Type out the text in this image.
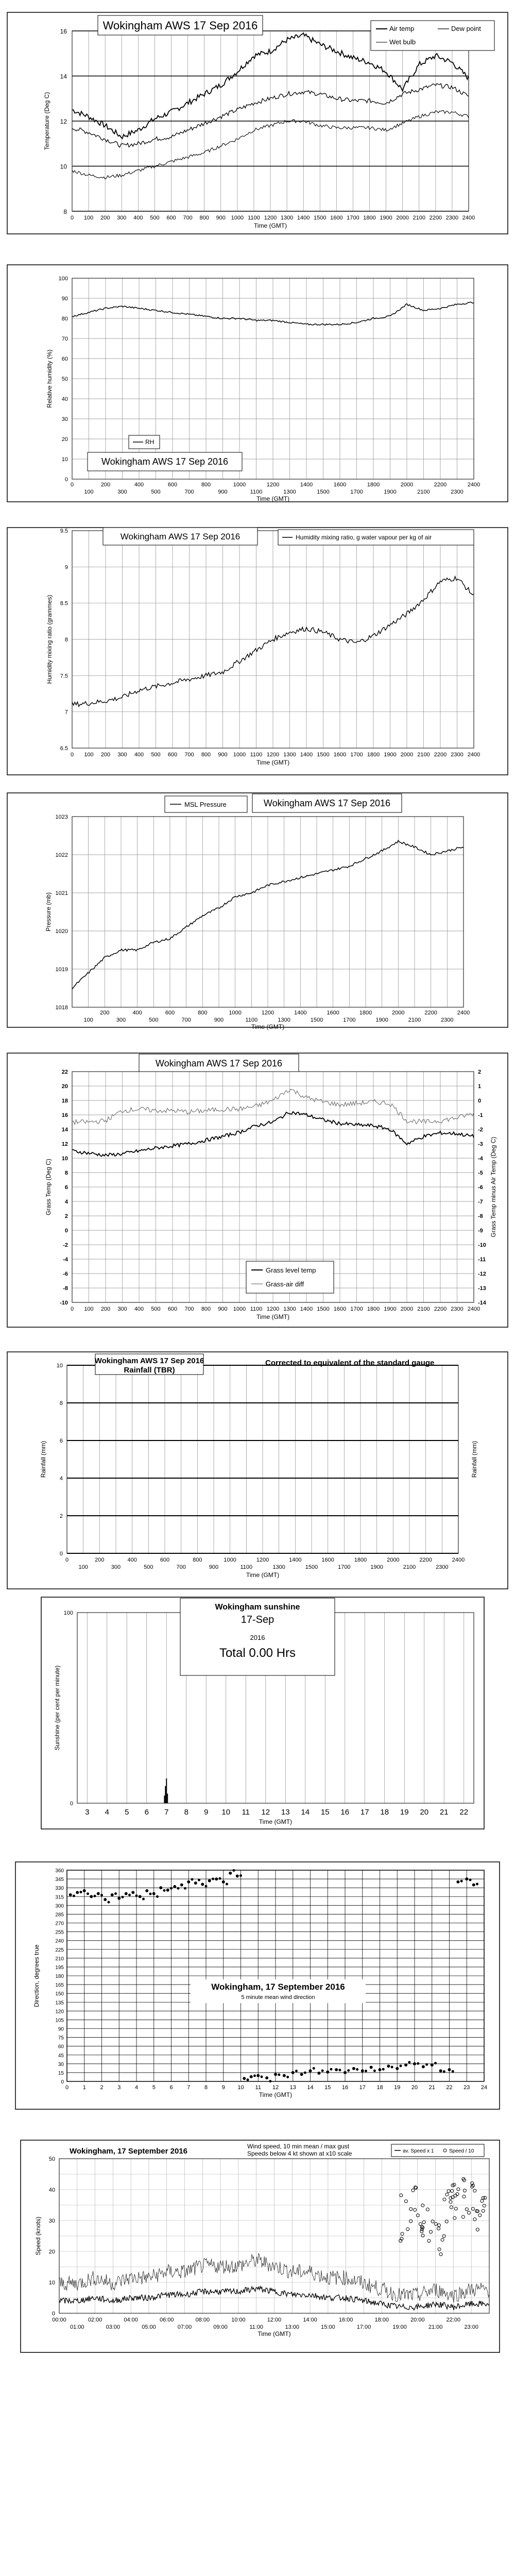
8
10
12
14
16
0 100 200 300 400 500 600 700 800 900 1000 1100 1200 1300 1400 1500 1600 1700 1800 1900 2000 2100 2200 2300 2400
Time (GMT)
Temperature (Deg C)
Wokingham AWS 17 Sep 2016	Air temp	Dew point
Wet bulb
0
10
20
30
40
50
60
70
80
90
100
0
100
200
300
400
500
600
700
800
900
1000
1100
1200
1300
1400
1500
1600
1700
1800
1900
2000
2100
2200
2300
2400
Time (GMT)
Relative humidity (%)
RH
Wokingham AWS 17 Sep 2016
6.5
7
7.5
8
8.5
9
9.5
0 100 200 300 400 500 600 700 800 900 1000 1100 1200 1300 1400 1500 1600 1700 1800 1900 2000 2100 2200 2300 2400
Time (GMT)
Humidity mixing ratio (grammes)
Wokingham AWS 17 Sep 2016	Humidity mixing ratio, g water vapour per kg of air
1018
1019
1020
1021
1022
1023
100
200
300
400
500
600
700
800
900
1000
1100
1200
1300
1400
1500
1600
1700
1800
1900
2000
2100
2200
2300
2400
Time (GMT)
Pressure (mb)
MSL Pressure	Wokingham AWS 17 Sep 2016
-10
-8
-6
-4
-2
0
2
4
6
8
10
12
14
16
18
20
22
-14
-13
-12
-11
-10
-9
-8
-7
-6
-5
-4
-3
-2
-1
0
1
2
0 100 200 300 400 500 600 700 800 900 1000 1100 1200 1300 1400 1500 1600 1700 1800 1900 2000 2100 2200 2300 2400
Time (GMT)
Grass Temp (Deg C)	Grass Temp minus Air Temp (Deg C)
Wokingham AWS 17 Sep 2016
Grass level temp
Grass-air diff
0
2
4
6
8
10
0	200	400	600	800	1000	1200	1400	1600	1800	2000	2200	2400
100	300	500	700	900	1100	1300	1500	1700	1900	2100	2300
Time (GMT)
Rainfall (mm)	Rainfall (mm)
Wokingham AWS 17 Sep 2016
Rainfall (TBR)
Corrected to equivalent of the standard gauge
0
100
3 4 5 6 7 8 9 10 11 12 13 14 15 16 17 18 19 20 21 22
Time (GMT)
Sunshine (per cent per minute)
Wokingham sunshine
17-Sep
2016
Total 0.00 Hrs
0
15
30
45
60
75
90
105
120
135
150
165
180
195
210
225
240
255
270
285
300
315
330
345
360
0	1	2	3	4	5	6	7	8	9 10 11 12 13 14 15 16 17 18 19 20 21 22 23 24
Time (GMT)
Direction, degrees true	Wokingham, 17 September 2016
5 minute mean wind direction
0
10
20
30
40
50
00:00	02:00	04:00	06:00	08:00	10:00	12:00	14:00	16:00	18:00	20:00	22:00
01:00	03:00	05:00	07:00	09:00	11:00	13:00	15:00	17:00	19:00	21:00	23:00
Time (GMT)
Speed (knots)
Wokingham, 17 September 2016
Wind speed, 10 min mean / max gust
Speeds below 4 kt shown at x10 scale	av. Speed x 1	Speed / 10
